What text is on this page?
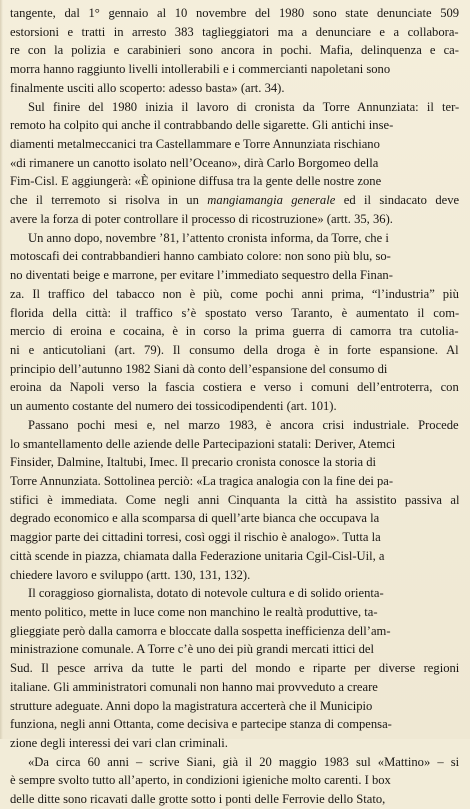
tangente, dal 1° gennaio al 10 novembre del 1980 sono state denunciate 509
estorsioni e tratti in arresto 383 taglieggiatori ma a denunciare e a collabora-
re con la polizia e carabinieri sono ancora in pochi. Mafia, delinquenza e ca-
morra hanno raggiunto livelli intollerabili e i commercianti napoletani sono
finalmente usciti allo scoperto: adesso basta» (art. 34).

Sul finire del 1980 inizia il lavoro di cronista da Torre Annunziata: il ter-
remoto ha colpito qui anche il contrabbando delle sigarette. Gli antichi inse-
diamenti metalmeccanici tra Castellammare e Torre Annunziata rischiano
«di rimanere un canotto isolato nell’Oceano», dirà Carlo Borgomeo della
Fim-Cisl. E aggiungerà: «È opinione diffusa tra la gente delle nostre zone
che il terremoto si risolva in un mangiamangia generale ed il sindacato deve
avere la forza di poter controllare il processo di ricostruzione» (artt. 35, 36).

Un anno dopo, novembre ’81, l’attento cronista informa, da Torre, che i
motoscafi dei contrabbandieri hanno cambiato colore: non sono più blu, so-
no diventati beige e marrone, per evitare l’immediato sequestro della Finan-
za. Il traffico del tabacco non è più, come pochi anni prima, “l’industria” più
florida della città: il traffico s’è spostato verso Taranto, è aumentato il com-
mercio di eroina e cocaina, è in corso la prima guerra di camorra tra cutolia-
ni e anticutoliani (art. 79). Il consumo della droga è in forte espansione. Al
principio dell’autunno 1982 Siani dà conto dell’espansione del consumo di
eroina da Napoli verso la fascia costiera e verso i comuni dell’entroterra, con
un aumento costante del numero dei tossicodipendenti (art. 101).

Passano pochi mesi e, nel marzo 1983, è ancora crisi industriale. Procede
lo smantellamento delle aziende delle Partecipazioni statali: Deriver, Atemci
Finsider, Dalmine, Italtubi, Imec. Il precario cronista conosce la storia di
Torre Annunziata. Sottolinea perciò: «La tragica analogia con la fine dei pa-
stifici è immediata. Come negli anni Cinquanta la città ha assistito passiva al
degrado economico e alla scomparsa di quell’arte bianca che occupava la
maggior parte dei cittadini torresi, così oggi il rischio è analogo». Tutta la
città scende in piazza, chiamata dalla Federazione unitaria Cgil-Cisl-Uil, a
chiedere lavoro e sviluppo (artt. 130, 131, 132).

Il coraggioso giornalista, dotato di notevole cultura e di solido orienta-
mento politico, mette in luce come non manchino le realtà produttive, ta-
glieggiate però dalla camorra e bloccate dalla sospetta inefficienza dell’am-
ministrazione comunale. A Torre c’è uno dei più grandi mercati ittici del
Sud. Il pesce arriva da tutte le parti del mondo e riparte per diverse regioni
italiane. Gli amministratori comunali non hanno mai provveduto a creare
strutture adeguate. Anni dopo la magistratura accerterà che il Municipio
funziona, negli anni Ottanta, come decisiva e partecipe stanza di compensa-
zione degli interessi dei vari clan criminali.

«Da circa 60 anni – scrive Siani, già il 20 maggio 1983 sul «Mattino» – si
è sempre svolto tutto all’aperto, in condizioni igieniche molto carenti. I box
delle ditte sono ricavati dalle grotte sotto i ponti delle Ferrovie dello Stato,
